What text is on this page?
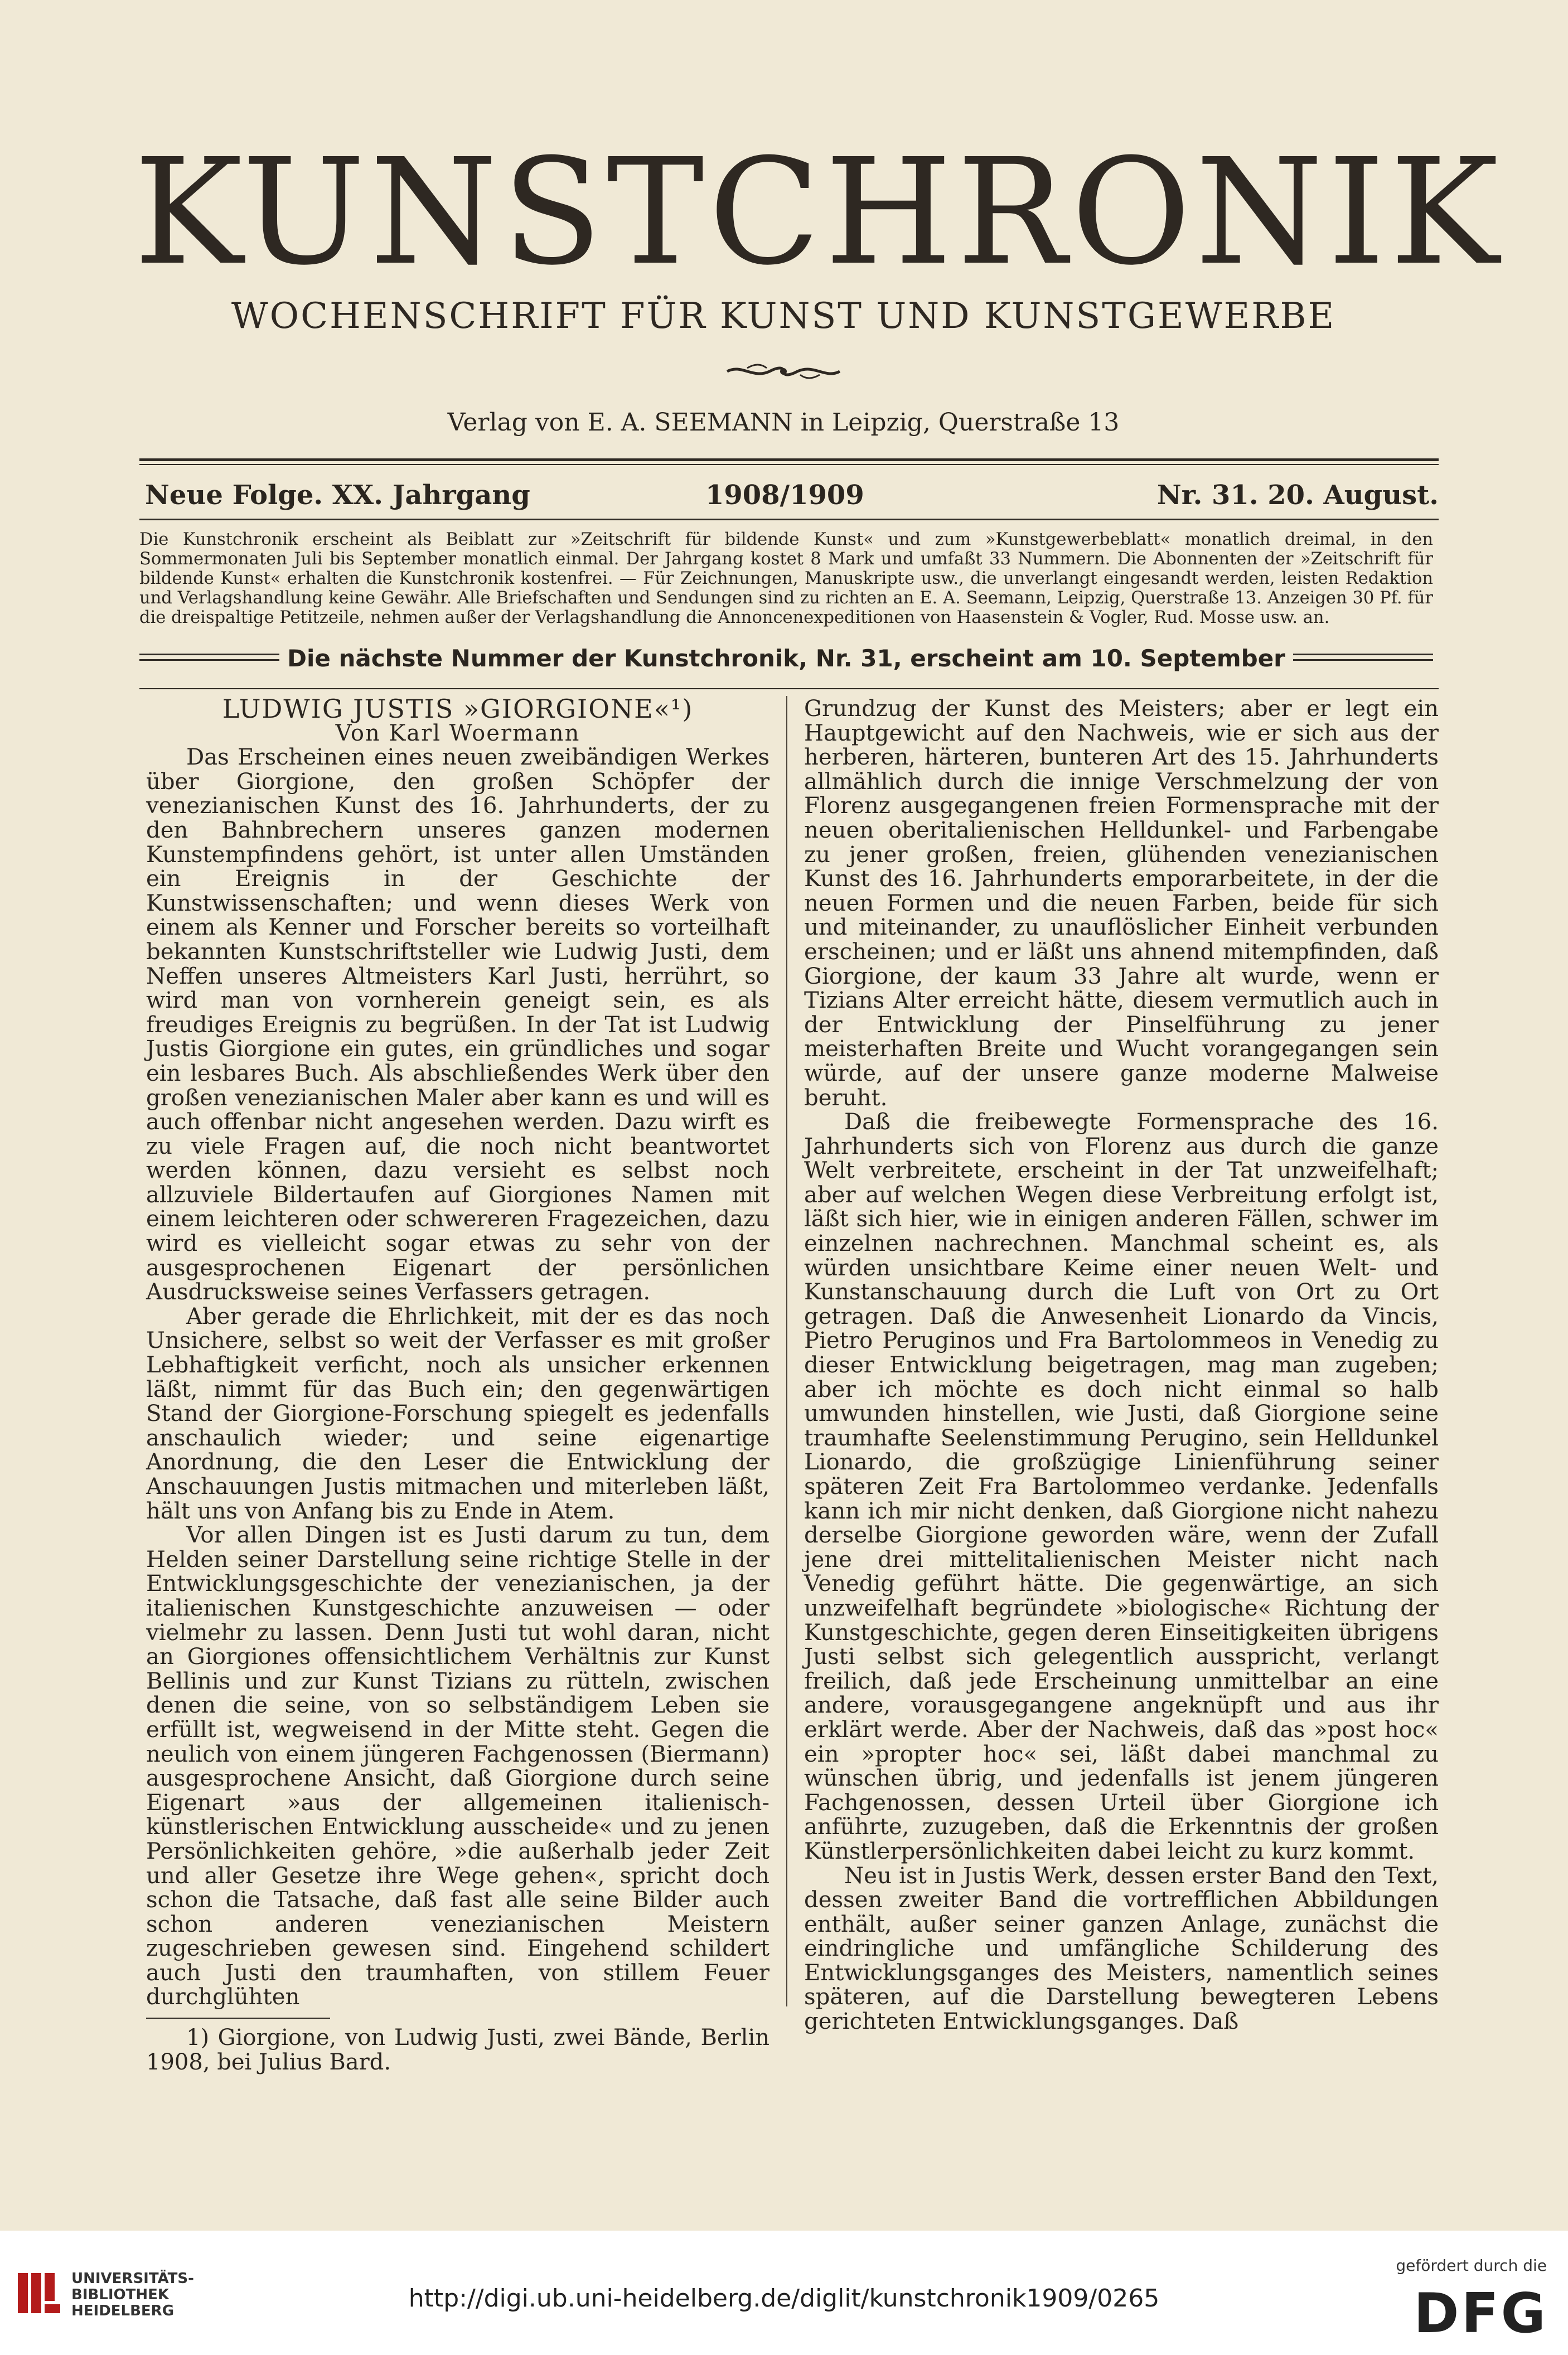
KUNSTCHRONIK
WOCHENSCHRIFT FÜR KUNST UND KUNSTGEWERBE
Verlag von E. A. SEEMANN in Leipzig, Querstraße 13
Neue Folge. XX. Jahrgang	1908/1909	Nr. 31. 20. August.
Die Kunstchronik erscheint als Beiblatt zur »Zeitschrift für bildende Kunst« und zum »Kunstgewerbeblatt« monatlich dreimal, in den Sommermonaten Juli bis September monatlich einmal. Der Jahrgang kostet 8 Mark und umfaßt 33 Nummern. Die Abonnenten der »Zeitschrift für bildende Kunst« erhalten die Kunstchronik kostenfrei. — Für Zeichnungen, Manuskripte usw., die unverlangt eingesandt werden, leisten Redaktion und Verlagshandlung keine Gewähr. Alle Briefschaften und Sendungen sind zu richten an E. A. Seemann, Leipzig, Querstraße 13. Anzeigen 30 Pf. für die dreispaltige Petitzeile, nehmen außer der Verlagshandlung die Annoncenexpeditionen von Haasenstein & Vogler, Rud. Mosse usw. an.
Die nächste Nummer der Kunstchronik, Nr. 31, erscheint am 10. September

LUDWIG JUSTIS »GIORGIONE«¹)

Von Karl Woermann

Das Erscheinen eines neuen zweibändigen Werkes über Giorgione, den großen Schöpfer der venezianischen Kunst des 16. Jahrhunderts, der zu den Bahnbrechern unseres ganzen modernen Kunstempfindens gehört, ist unter allen Umständen ein Ereignis in der Geschichte der Kunstwissenschaften; und wenn dieses Werk von einem als Kenner und Forscher bereits so vorteilhaft bekannten Kunstschriftsteller wie Ludwig Justi, dem Neffen unseres Altmeisters Karl Justi, herrührt, so wird man von vornherein geneigt sein, es als freudiges Ereignis zu begrüßen. In der Tat ist Ludwig Justis Giorgione ein gutes, ein gründliches und sogar ein lesbares Buch. Als abschließendes Werk über den großen venezianischen Maler aber kann es und will es auch offenbar nicht angesehen werden. Dazu wirft es zu viele Fragen auf, die noch nicht beantwortet werden können, dazu versieht es selbst noch allzuviele Bildertaufen auf Giorgiones Namen mit einem leichteren oder schwereren Fragezeichen, dazu wird es vielleicht sogar etwas zu sehr von der ausgesprochenen Eigenart der persönlichen Ausdrucksweise seines Verfassers getragen.

Aber gerade die Ehrlichkeit, mit der es das noch Unsichere, selbst so weit der Verfasser es mit großer Lebhaftigkeit verficht, noch als unsicher erkennen läßt, nimmt für das Buch ein; den gegenwärtigen Stand der Giorgione-Forschung spiegelt es jedenfalls anschaulich wieder; und seine eigenartige Anordnung, die den Leser die Entwicklung der Anschauungen Justis mitmachen und miterleben läßt, hält uns von Anfang bis zu Ende in Atem.

Vor allen Dingen ist es Justi darum zu tun, dem Helden seiner Darstellung seine richtige Stelle in der Entwicklungsgeschichte der venezianischen, ja der italienischen Kunstgeschichte anzuweisen — oder vielmehr zu lassen. Denn Justi tut wohl daran, nicht an Giorgiones offensichtlichem Verhältnis zur Kunst Bellinis und zur Kunst Tizians zu rütteln, zwischen denen die seine, von so selbständigem Leben sie erfüllt ist, wegweisend in der Mitte steht. Gegen die neulich von einem jüngeren Fachgenossen (Biermann) ausgesprochene Ansicht, daß Giorgione durch seine Eigenart »aus der allgemeinen italienisch-künstlerischen Entwicklung ausscheide« und zu jenen Persönlichkeiten gehöre, »die außerhalb jeder Zeit und aller Gesetze ihre Wege gehen«, spricht doch schon die Tatsache, daß fast alle seine Bilder auch schon anderen venezianischen Meistern zugeschrieben gewesen sind. Eingehend schildert auch Justi den traumhaften, von stillem Feuer durchglühten

1) Giorgione, von Ludwig Justi, zwei Bände, Berlin 1908, bei Julius Bard.

Grundzug der Kunst des Meisters; aber er legt ein Hauptgewicht auf den Nachweis, wie er sich aus der herberen, härteren, bunteren Art des 15. Jahrhunderts allmählich durch die innige Verschmelzung der von Florenz ausgegangenen freien Formensprache mit der neuen oberitalienischen Helldunkel- und Farbengabe zu jener großen, freien, glühenden venezianischen Kunst des 16. Jahrhunderts emporarbeitete, in der die neuen Formen und die neuen Farben, beide für sich und miteinander, zu unauflöslicher Einheit verbunden erscheinen; und er läßt uns ahnend mitempfinden, daß Giorgione, der kaum 33 Jahre alt wurde, wenn er Tizians Alter erreicht hätte, diesem vermutlich auch in der Entwicklung der Pinselführung zu jener meisterhaften Breite und Wucht vorangegangen sein würde, auf der unsere ganze moderne Malweise beruht.

Daß die freibewegte Formensprache des 16. Jahrhunderts sich von Florenz aus durch die ganze Welt verbreitete, erscheint in der Tat unzweifelhaft; aber auf welchen Wegen diese Verbreitung erfolgt ist, läßt sich hier, wie in einigen anderen Fällen, schwer im einzelnen nachrechnen. Manchmal scheint es, als würden unsichtbare Keime einer neuen Welt- und Kunstanschauung durch die Luft von Ort zu Ort getragen. Daß die Anwesenheit Lionardo da Vincis, Pietro Peruginos und Fra Bartolommeos in Venedig zu dieser Entwicklung beigetragen, mag man zugeben; aber ich möchte es doch nicht einmal so halb umwunden hinstellen, wie Justi, daß Giorgione seine traumhafte Seelenstimmung Perugino, sein Helldunkel Lionardo, die großzügige Linienführung seiner späteren Zeit Fra Bartolommeo verdanke. Jedenfalls kann ich mir nicht denken, daß Giorgione nicht nahezu derselbe Giorgione geworden wäre, wenn der Zufall jene drei mittelitalienischen Meister nicht nach Venedig geführt hätte. Die gegenwärtige, an sich unzweifelhaft begründete »biologische« Richtung der Kunstgeschichte, gegen deren Einseitigkeiten übrigens Justi selbst sich gelegentlich ausspricht, verlangt freilich, daß jede Erscheinung unmittelbar an eine andere, vorausgegangene angeknüpft und aus ihr erklärt werde. Aber der Nachweis, daß das »post hoc« ein »propter hoc« sei, läßt dabei manchmal zu wünschen übrig, und jedenfalls ist jenem jüngeren Fachgenossen, dessen Urteil über Giorgione ich anführte, zuzugeben, daß die Erkenntnis der großen Künstlerpersönlichkeiten dabei leicht zu kurz kommt.

Neu ist in Justis Werk, dessen erster Band den Text, dessen zweiter Band die vortrefflichen Abbildungen enthält, außer seiner ganzen Anlage, zunächst die eindringliche und umfängliche Schilderung des Entwicklungsganges des Meisters, namentlich seines späteren, auf die Darstellung bewegteren Lebens gerichteten Entwicklungsganges. Daß

UNIVERSITÄTS-
BIBLIOTHEK
HEIDELBERG	http://digi.ub.uni-heidelberg.de/diglit/kunstchronik1909/0265
gefördert durch die
DFG
